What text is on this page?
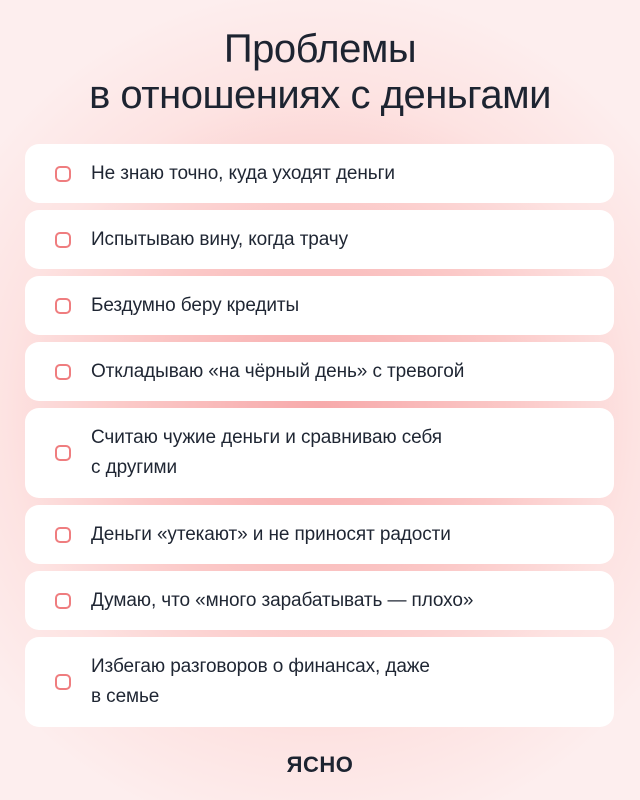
Проблемы
в отношениях с деньгами
Не знаю точно, куда уходят деньги
Испытываю вину, когда трачу
Бездумно беру кредиты
Откладываю «на чёрный день» с тревогой
Считаю чужие деньги и сравниваю себя
с другими
Деньги «утекают» и не приносят радости
Думаю, что «много зарабатывать — плохо»
Избегаю разговоров о финансах, даже
в семье
ЯСНО
